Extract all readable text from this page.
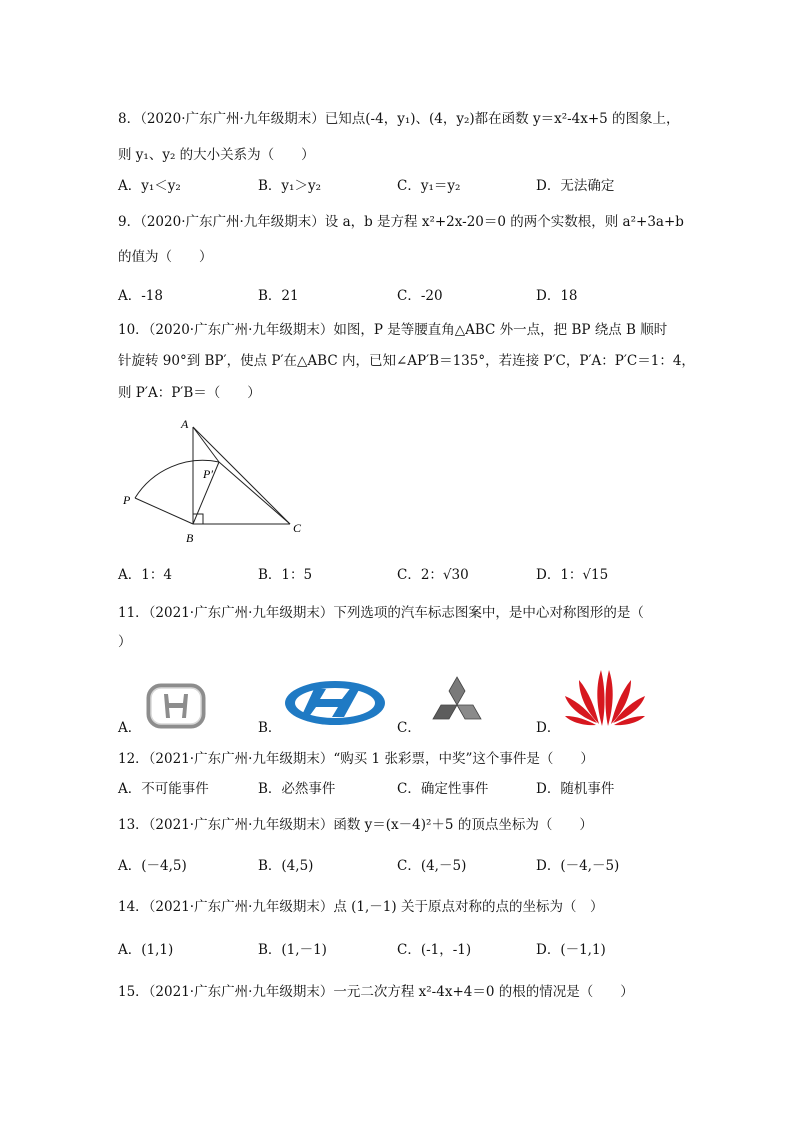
8．（2020·广东广州·九年级期末）已知点(-4，y₁)、(4，y₂)都在函数 y＝x²-4x+5 的图象上，
则 y₁、y₂ 的大小关系为（　　）
A．y₁＜y₂	B．y₁＞y₂	C．y₁＝y₂	D．无法确定
9．（2020·广东广州·九年级期末）设 a，b 是方程 x²+2x-20＝0 的两个实数根，则 a²+3a+b
的值为（　　）
A．-18	B．21	C．-20	D．18
10．（2020·广东广州·九年级期末）如图，P 是等腰直角△ABC 外一点，把 BP 绕点 B 顺时
针旋转 90°到 BP′，使点 P′在△ABC 内，已知∠AP′B＝135°，若连接 P′C，P′A：P′C＝1：4，
则 P′A：P′B＝（　　）
A
B
C
P
P′
A．1：4	B．1：5	C．2：√30	D．1：√15
11．（2021·广东广州·九年级期末）下列选项的汽车标志图案中，是中心对称图形的是（
）
A．	B．	C．	D．
12．（2021·广东广州·九年级期末）“购买 1 张彩票，中奖”这个事件是（　　）
A．不可能事件	B．必然事件	C．确定性事件	D．随机事件
13．（2021·广东广州·九年级期末）函数 y＝(x－4)²＋5 的顶点坐标为（　　）
A．(－4,5)	B．(4,5)	C．(4,－5)	D．(－4,－5)
14．（2021·广东广州·九年级期末）点 (1,－1) 关于原点对称的点的坐标为（　）
A．(1,1)	B．(1,－1)	C．(-1，-1)	D．(－1,1)
15．（2021·广东广州·九年级期末）一元二次方程 x²-4x+4＝0 的根的情况是（　　）
